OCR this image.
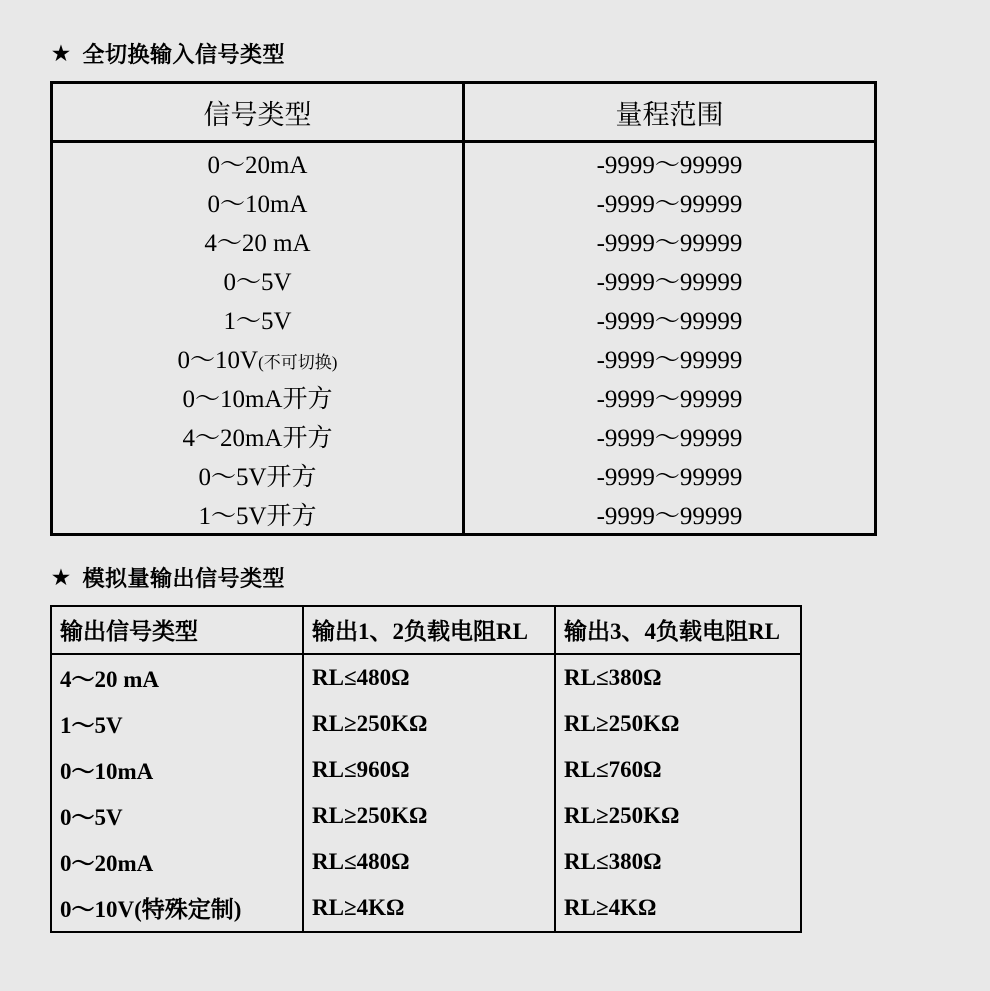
★ 全切换输入信号类型
信号类型	量程范围
0～20mA	-9999～99999
0～10mA	-9999～99999
4～20 mA	-9999～99999
0～5V	-9999～99999
1～5V	-9999～99999
0～10V(不可切换)	-9999～99999
0～10mA开方	-9999～99999
4～20mA开方	-9999～99999
0～5V开方	-9999～99999
1～5V开方	-9999～99999
★ 模拟量输出信号类型
输出信号类型	输出1、2负载电阻RL	输出3、4负载电阻RL
4～20 mA	RL≤480Ω	RL≤380Ω
1～5V	RL≥250KΩ	RL≥250KΩ
0～10mA	RL≤960Ω	RL≤760Ω
0～5V	RL≥250KΩ	RL≥250KΩ
0～20mA	RL≤480Ω	RL≤380Ω
0～10V(特殊定制)	RL≥4KΩ	RL≥4KΩ
